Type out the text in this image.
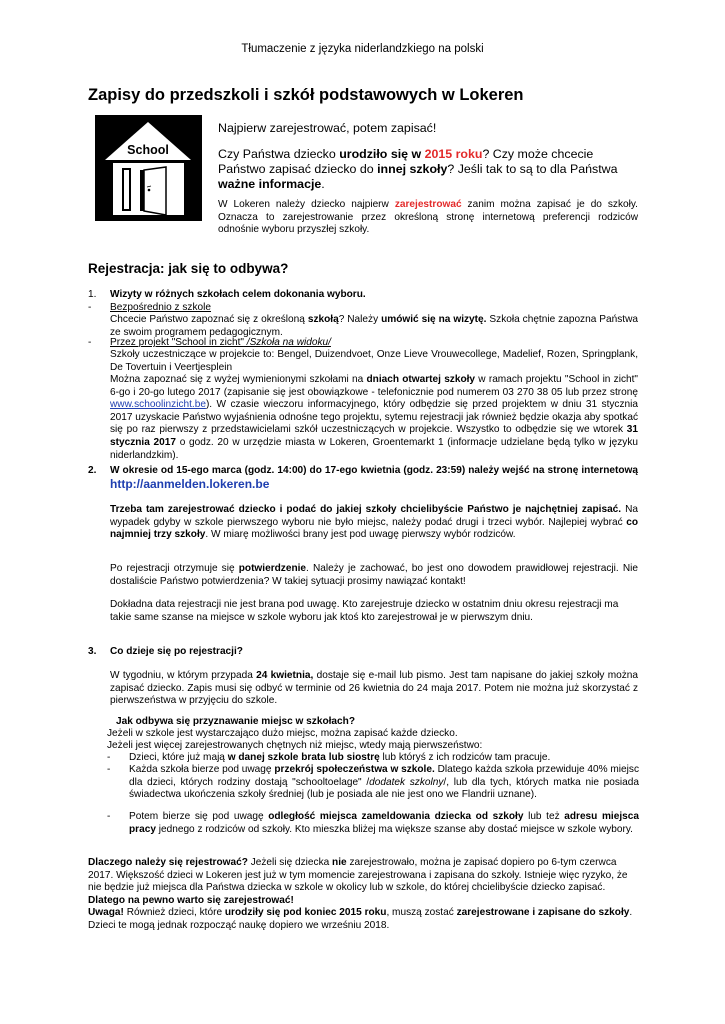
Tłumaczenie z języka niderlandzkiego na polski
Zapisy do przedszkoli i szkół podstawowych w Lokeren
School
Najpierw zarejestrować, potem zapisać!
Czy Państwa dziecko urodziło się w 2015 roku? Czy może chcecie Państwo zapisać dziecko do innej szkoły? Jeśli tak to są to dla Państwa ważne informacje.
W Lokeren należy dziecko najpierw zarejestrować zanim można zapisać je do szkoły. Oznacza to zarejestrowanie przez określoną stronę internetową preferencji rodziców odnośnie wyboru przyszłej szkoły.
Rejestracja: jak się to odbywa?
1. Wizyty w różnych szkołach celem dokonania wyboru.
- Bezpośrednio z szkole
Chcecie Państwo zapoznać się z określoną szkołą? Należy umówić się na wizytę. Szkoła chętnie zapozna Państwa ze swoim programem pedagogicznym.
- Przez projekt "School in zicht" /Szkoła na widoku/
Szkoły uczestniczące w projekcie to: Bengel, Duizendvoet, Onze Lieve Vrouwecollege, Madelief, Rozen, Springplank, De Tovertuin i Veertjesplein
Można zapoznać się z wyżej wymienionymi szkołami na dniach otwartej szkoły w ramach projektu "School in zicht" 6-go i 20-go lutego 2017 (zapisanie się jest obowiązkowe - telefonicznie pod numerem 03 270 38 05 lub przez stronę www.schoolinzicht.be). W czasie wieczoru informacyjnego, który odbędzie się przed projektem w dniu 31 stycznia 2017 uzyskacie Państwo wyjaśnienia odnośne tego projektu, sytemu rejestracji jak również będzie okazja aby spotkać się po raz pierwszy z przedstawicielami szkół uczestniczących w projekcie. Wszystko to odbędzie się we wtorek 31 stycznia 2017 o godz. 20 w urzędzie miasta w Lokeren, Groentemarkt 1 (informacje udzielane będą tylko w języku niderlandzkim).
2. W okresie od 15-ego marca (godz. 14:00) do 17-ego kwietnia (godz. 23:59) należy wejść na stronę internetową http://aanmelden.lokeren.be
Trzeba tam zarejestrować dziecko i podać do jakiej szkoły chcielibyście Państwo je najchętniej zapisać. Na wypadek gdyby w szkole pierwszego wyboru nie było miejsc, należy podać drugi i trzeci wybór. Najlepiej wybrać co najmniej trzy szkoły. W miarę możliwości brany jest pod uwagę pierwszy wybór rodziców.
Po rejestracji otrzymuje się potwierdzenie. Należy je zachować, bo jest ono dowodem prawidłowej rejestracji. Nie dostaliście Państwo potwierdzenia? W takiej sytuacji prosimy nawiązać kontakt!
Dokładna data rejestracji nie jest brana pod uwagę. Kto zarejestruje dziecko w ostatnim dniu okresu rejestracji ma takie same szanse na miejsce w szkole wyboru jak ktoś kto zarejestrował je w pierwszym dniu.
3. Co dzieje się po rejestracji?
W tygodniu, w którym przypada 24 kwietnia, dostaje się e-mail lub pismo. Jest tam napisane do jakiej szkoły można zapisać dziecko. Zapis musi się odbyć w terminie od 26 kwietnia do 24 maja 2017. Potem nie można już skorzystać z pierwszeństwa w przyjęciu do szkole.
Jak odbywa się przyznawanie miejsc w szkołach?
Jeżeli w szkole jest wystarczająco dużo miejsc, można zapisać każde dziecko.
Jeżeli jest więcej zarejestrowanych chętnych niż miejsc, wtedy mają pierwszeństwo:
- Dzieci, które już mają w danej szkole brata lub siostrę lub któryś z ich rodziców tam pracuje.
- Każda szkoła bierze pod uwagę przekrój społeczeństwa w szkole. Dlatego każda szkoła przewiduje 40% miejsc dla dzieci, których rodziny dostają "schooltoelage" /dodatek szkolny/, lub dla tych, których matka nie posiada świadectwa ukończenia szkoły średniej (lub je posiada ale nie jest ono we Flandrii uznane).
- Potem bierze się pod uwagę odległość miejsca zameldowania dziecka od szkoły lub też adresu miejsca pracy jednego z rodziców od szkoły. Kto mieszka bliżej ma większe szanse aby dostać miejsce w szkole wybory.
Dlaczego należy się rejestrować? Jeżeli się dziecka nie zarejestrowało, można je zapisać dopiero po 6-tym czerwca 2017. Większość dzieci w Lokeren jest już w tym momencie zarejestrowana i zapisana do szkoły. Istnieje więc ryzyko, że nie będzie już miejsca dla Państwa dziecka w szkole w okolicy lub w szkole, do której chcielibyście dziecko zapisać. Dlatego na pewno warto się zarejestrować!
Uwaga! Również dzieci, które urodziły się pod koniec 2015 roku, muszą zostać zarejestrowane i zapisane do szkoły. Dzieci te mogą jednak rozpocząć naukę dopiero we wrześniu 2018.
